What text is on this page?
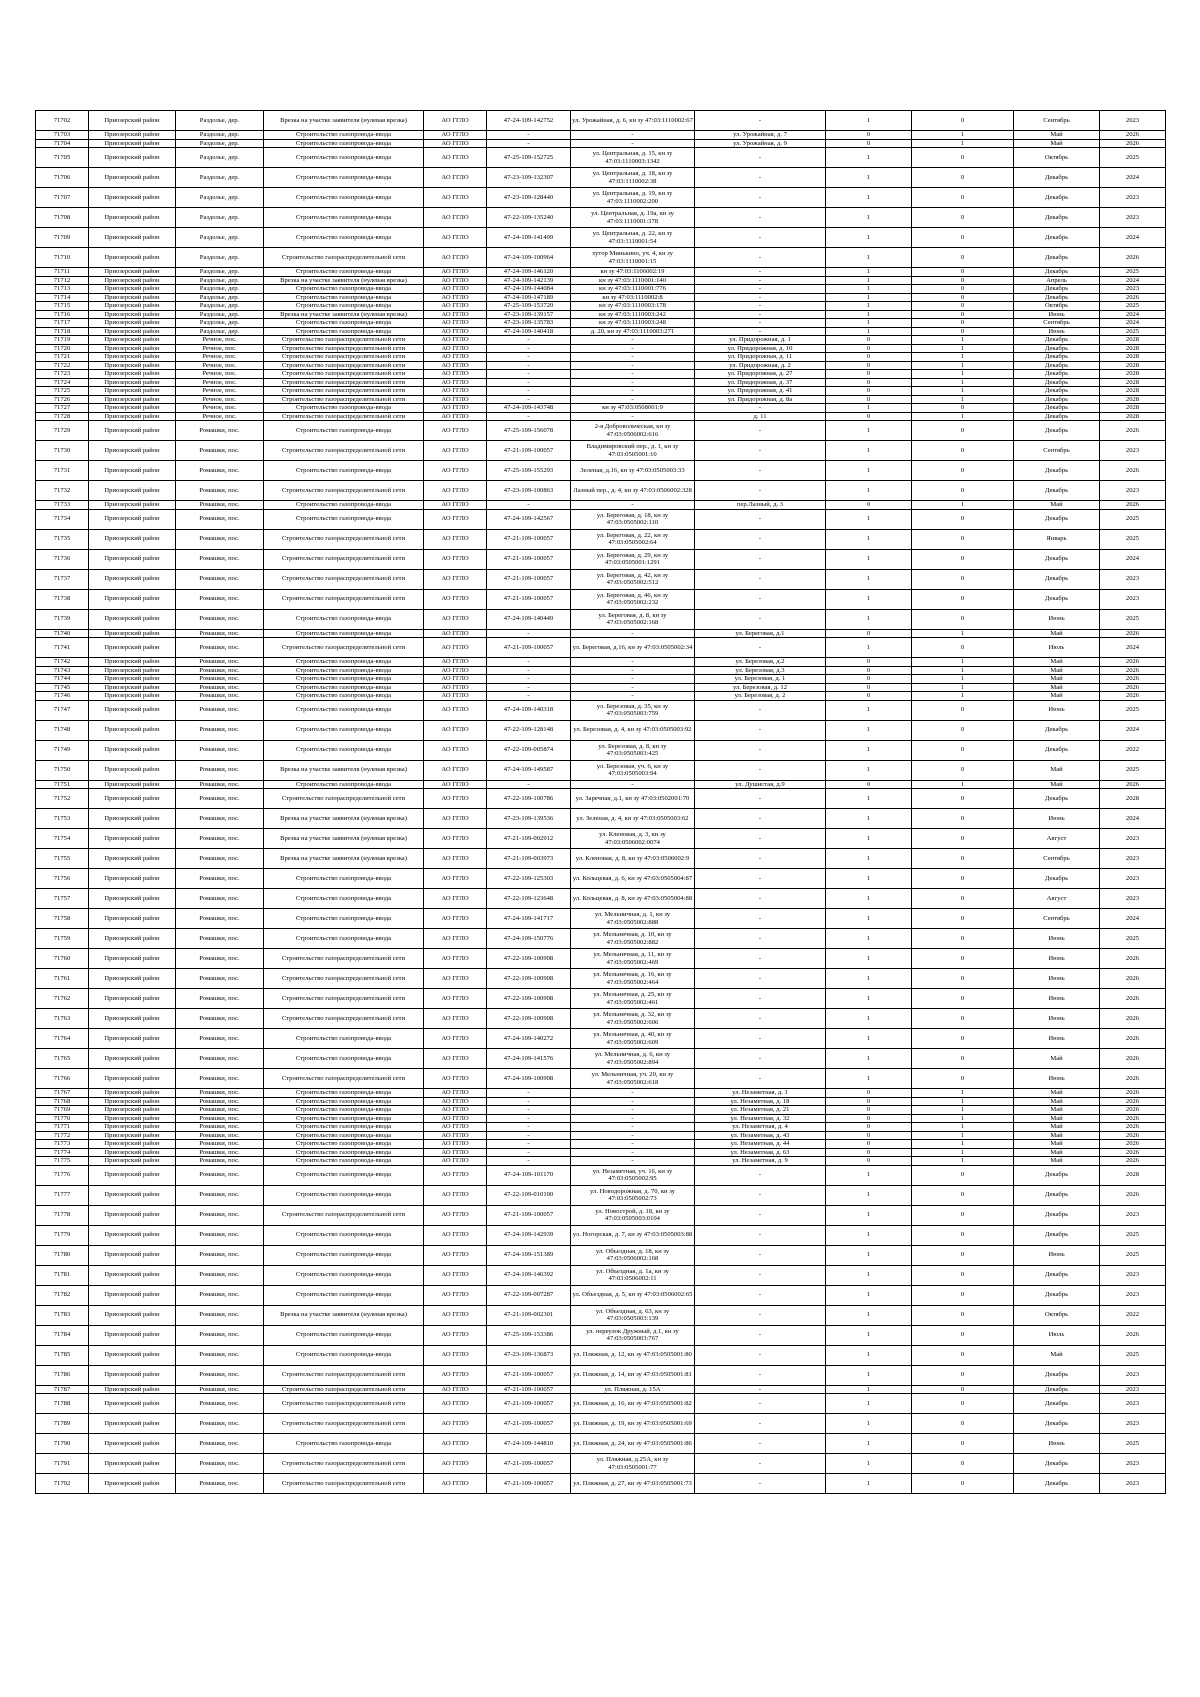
71702	Приозерский район	Раздолье, дер.	Врезка на участке заявителя (нулевая врезка)	АО ГГЛО	47-24-109-142752	ул. Урожайная, д. 6, кн зу 47:03:1110002:67	-	1	0	Сентябрь	2023
71703	Приозерский район	Раздолье, дер.	Строительство газопровода-ввода	АО ГГЛО	-	-	ул. Урожайная, д. 7	0	1	Май	2026
71704	Приозерский район	Раздолье, дер.	Строительство газопровода-ввода	АО ГГЛО	-	-	ул. Урожайная, д. 9	0	1	Май	2026
71705	Приозерский район	Раздолье, дер.	Строительство газопровода-ввода	АО ГГЛО	47-25-109-152725	ул. Центральная, д. 15, кн зу 47:03:1110003:1342	-	1	0	Октябрь	2025
71706	Приозерский район	Раздолье, дер.	Строительство газопровода-ввода	АО ГГЛО	47-23-109-132307	ул. Центральная, д. 18, кн зу 47:03:1110002:38	-	1	0	Декабрь	2024
71707	Приозерский район	Раздолье, дер.	Строительство газопровода-ввода	АО ГГЛО	47-23-109-128440	ул. Центральная, д. 19, кн зу 47:03:1110002:200	-	1	0	Декабрь	2023
71708	Приозерский район	Раздолье, дер.	Строительство газопровода-ввода	АО ГГЛО	47-22-109-135240	ул. Центральная, д. 19а, кн зу 47:03:1110001:378	-	1	0	Декабрь	2023
71709	Приозерский район	Раздолье, дер.	Строительство газопровода-ввода	АО ГГЛО	47-24-109-141499	ул. Центральная, д. 22, кн зу 47:03:1110001:54	-	1	0	Декабрь	2024
71710	Приозерский район	Раздолье, дер.	Строительство газораспределительной сети	АО ГГЛО	47-24-109-100964	хутор Минькино, уч. 4, кн зу 47:03:1110001:15	-	1	0	Декабрь	2026
71711	Приозерский район	Раздолье, дер.	Строительство газопровода-ввода	АО ГГЛО	47-24-109-146120	кн зу 47:03:1106002:19	-	1	0	Декабрь	2025
71712	Приозерский район	Раздолье, дер.	Врезка на участке заявителя (нулевая врезка)	АО ГГЛО	47-24-109-142139	кн зу 47:03:1110001:140	-	1	0	Апрель	2024
71713	Приозерский район	Раздолье, дер.	Строительство газопровода-ввода	АО ГГЛО	47-24-109-144084	кн зу 47:03:1110001:776	-	1	0	Декабрь	2023
71714	Приозерский район	Раздолье, дер.	Строительство газопровода-ввода	АО ГГЛО	47-24-109-147189	кн зу 47:03:1110002:8	-	1	0	Декабрь	2026
71715	Приозерский район	Раздолье, дер.	Строительство газопровода-ввода	АО ГГЛО	47-25-109-153720	кн зу 47:03:1110003:178	-	1	0	Октябрь	2025
71716	Приозерский район	Раздолье, дер.	Врезка на участке заявителя (нулевая врезка)	АО ГГЛО	47-23-109-139157	кн зу 47:03:1110003:242	-	1	0	Июнь	2024
71717	Приозерский район	Раздолье, дер.	Строительство газопровода-ввода	АО ГГЛО	47-23-109-135783	кн зу 47:03:1110003:248	-	1	0	Сентябрь	2024
71718	Приозерский район	Раздолье, дер.	Строительство газопровода-ввода	АО ГГЛО	47-24-109-140418	д. 20, кн зу 47:03:1110003:271	-	1	0	Июнь	2025
71719	Приозерский район	Речное, пос.	Строительство газораспределительной сети	АО ГГЛО	-	-	ул. Придорожная, д. 1	0	1	Декабрь	2028
71720	Приозерский район	Речное, пос.	Строительство газораспределительной сети	АО ГГЛО	-	-	ул. Придорожная, д. 10	0	1	Декабрь	2028
71721	Приозерский район	Речное, пос.	Строительство газораспределительной сети	АО ГГЛО	-	-	ул. Придорожная, д. 11	0	1	Декабрь	2028
71722	Приозерский район	Речное, пос.	Строительство газораспределительной сети	АО ГГЛО	-	-	ул. Придорожная, д. 2	0	1	Декабрь	2028
71723	Приозерский район	Речное, пос.	Строительство газораспределительной сети	АО ГГЛО	-	-	ул. Придорожная, д. 27	0	1	Декабрь	2028
71724	Приозерский район	Речное, пос.	Строительство газораспределительной сети	АО ГГЛО	-	-	ул. Придорожная, д. 37	0	1	Декабрь	2028
71725	Приозерский район	Речное, пос.	Строительство газораспределительной сети	АО ГГЛО	-	-	ул. Придорожная, д. 41	0	1	Декабрь	2028
71726	Приозерский район	Речное, пос.	Строительство газораспределительной сети	АО ГГЛО	-	-	ул. Придорожная, д. 8а	0	1	Декабрь	2028
71727	Приозерский район	Речное, пос.	Строительство газопровода-ввода	АО ГГЛО	47-24-109-143748	кн зу 47:03:0508001:9	-	1	0	Декабрь	2028
71728	Приозерский район	Речное, пос.	Строительство газораспределительной сети	АО ГГЛО	-	-	д. 11	0	1	Декабрь	2028
71729	Приозерский район	Ромашки, пос.	Строительство газопровода-ввода	АО ГГЛО	47-25-109-156078	2-я Добровольческая, кн зу 47:03:0506002:616	-	1	0	Декабрь	2026
71730	Приозерский район	Ромашки, пос.	Строительство газораспределительной сети	АО ГГЛО	47-21-109-100057	Владимировский пер., д. 1, кн зу 47:03:0505001:10	-	1	0	Сентябрь	2023
71731	Приозерский район	Ромашки, пос.	Строительство газопровода-ввода	АО ГГЛО	47-25-109-155293	Зеленая, д.16, кн зу 47:03:0505003:33	-	1	0	Декабрь	2026
71732	Приозерский район	Ромашки, пос.	Строительство газораспределительной сети	АО ГГЛО	47-23-109-100863	Лазный пер., д. 4, кн зу 47:03:0506002:328	-	1	0	Декабрь	2023
71733	Приозерский район	Ромашки, пос.	Строительство газопровода-ввода	АО ГГЛО	-	-	пер.Лазный, д. 3	0	1	Май	2026
71734	Приозерский район	Ромашки, пос.	Строительство газопровода-ввода	АО ГГЛО	47-24-109-142567	ул. Береговая, д. 18, кн зу 47:03:0505002:110	-	1	0	Декабрь	2025
71735	Приозерский район	Ромашки, пос.	Строительство газораспределительной сети	АО ГГЛО	47-21-109-100057	ул. Береговая, д. 22, кн зу 47:03:0505002:64	-	1	0	Январь	2025
71736	Приозерский район	Ромашки, пос.	Строительство газораспределительной сети	АО ГГЛО	47-21-109-100057	ул. Береговая, д. 29, кн зу 47:03:0505001:1291	-	1	0	Декабрь	2024
71737	Приозерский район	Ромашки, пос.	Строительство газораспределительной сети	АО ГГЛО	47-21-109-100057	ул. Береговая, д. 42, кн зу 47:03:0505002:512	-	1	0	Декабрь	2023
71738	Приозерский район	Ромашки, пос.	Строительство газораспределительной сети	АО ГГЛО	47-21-109-100057	ул. Береговая, д. 46, кн зу 47:03:0505002:232	-	1	0	Декабрь	2023
71739	Приозерский район	Ромашки, пос.	Строительство газопровода-ввода	АО ГГЛО	47-24-109-140449	ул. Береговая, д. 8, кн зу 47:03:0505002:168	-	1	0	Июнь	2025
71740	Приозерский район	Ромашки, пос.	Строительство газопровода-ввода	АО ГГЛО	-	-	ул. Береговая, д.1	0	1	Май	2026
71741	Приозерский район	Ромашки, пос.	Строительство газораспределительной сети	АО ГГЛО	47-21-109-100057	ул. Береговая, д.16, кн зу 47:03:0505002:34	-	1	0	Июль	2024
71742	Приозерский район	Ромашки, пос.	Строительство газопровода-ввода	АО ГГЛО	-	-	ул. Березовая, д.2	0	1	Май	2026
71743	Приозерский район	Ромашки, пос.	Строительство газопровода-ввода	АО ГГЛО	-	-	ул. Березовая, д.3	0	1	Май	2026
71744	Приозерский район	Ромашки, пос.	Строительство газопровода-ввода	АО ГГЛО	-	-	ул. Березовая, д. 1	0	1	Май	2026
71745	Приозерский район	Ромашки, пос.	Строительство газопровода-ввода	АО ГГЛО	-	-	ул. Березовая, д. 12	0	1	Май	2026
71746	Приозерский район	Ромашки, пос.	Строительство газопровода-ввода	АО ГГЛО	-	-	ул. Березовая, д. 2	0	1	Май	2026
71747	Приозерский район	Ромашки, пос.	Строительство газопровода-ввода	АО ГГЛО	47-24-109-140318	ул. Березовая, д. 35, кн зу 47:03:0505003:759	-	1	0	Июнь	2025
71748	Приозерский район	Ромашки, пос.	Строительство газопровода-ввода	АО ГГЛО	47-22-109-128148	ул. Березовая, д. 4, кн зу 47:03:0505003:92	-	1	0	Декабрь	2024
71749	Приозерский район	Ромашки, пос.	Строительство газопровода-ввода	АО ГГЛО	47-22-109-005874	ул. Березовая, д. 8, кн зу 47:03:0505003:425	-	1	0	Декабрь	2022
71750	Приозерский район	Ромашки, пос.	Врезка на участке заявителя (нулевая врезка)	АО ГГЛО	47-24-109-149587	ул. Березовая, уч. 6, кн зу 47:03:0505003:94	-	1	0	Май	2025
71751	Приозерский район	Ромашки, пос.	Строительство газопровода-ввода	АО ГГЛО	-	-	ул. Душистая, д.9	0	1	Май	2026
71752	Приозерский район	Ромашки, пос.	Строительство газораспределительной сети	АО ГГЛО	47-22-109-100786	ул. Заречная, д.1, кн зу 47:03:0502001:70	-	1	0	Декабрь	2028
71753	Приозерский район	Ромашки, пос.	Врезка на участке заявителя (нулевая врезка)	АО ГГЛО	47-23-109-139536	ул. Зеленая, д. 4, кн зу 47:03:0505003:62	-	1	0	Июнь	2024
71754	Приозерский район	Ромашки, пос.	Врезка на участке заявителя (нулевая врезка)	АО ГГЛО	47-21-109-002912	ул. Кленовая, д. 3, кн зу 47:03:0506002:0074	-	1	0	Август	2023
71755	Приозерский район	Ромашки, пос.	Врезка на участке заявителя (нулевая врезка)	АО ГГЛО	47-21-109-003973	ул. Кленовая, д. 8, кн зу 47:03:0506002:9	-	1	0	Сентябрь	2023
71756	Приозерский район	Ромашки, пос.	Строительство газопровода-ввода	АО ГГЛО	47-22-109-125303	ул. Кольцевая, д. 6, кн зу 47:03:0505004:87	-	1	0	Декабрь	2023
71757	Приозерский район	Ромашки, пос.	Строительство газопровода-ввода	АО ГГЛО	47-22-109-123648	ул. Кольцевая, д. 8, кн зу 47:03:0505004:88	-	1	0	Август	2023
71758	Приозерский район	Ромашки, пос.	Строительство газопровода-ввода	АО ГГЛО	47-24-109-141717	ул. Мельничная, д. 1, кн зу 47:03:0505002:888	-	1	0	Сентябрь	2024
71759	Приозерский район	Ромашки, пос.	Строительство газопровода-ввода	АО ГГЛО	47-24-109-150776	ул. Мельничная, д. 10, кн зу 47:03:0505002:882	-	1	0	Июнь	2025
71760	Приозерский район	Ромашки, пос.	Строительство газораспределительной сети	АО ГГЛО	47-22-109-100908	ул. Мельничная, д. 11, кн зу 47:03:0505002:469	-	1	0	Июнь	2026
71761	Приозерский район	Ромашки, пос.	Строительство газораспределительной сети	АО ГГЛО	47-22-109-100908	ул. Мельничная, д. 16, кн зу 47:03:0505002:464	-	1	0	Июнь	2026
71762	Приозерский район	Ромашки, пос.	Строительство газораспределительной сети	АО ГГЛО	47-22-109-100908	ул. Мельничная, д. 25, кн зу 47:03:0505002:461	-	1	0	Июнь	2026
71763	Приозерский район	Ромашки, пос.	Строительство газораспределительной сети	АО ГГЛО	47-22-109-100908	ул. Мельничная, д. 32, кн зу 47:03:0505002:606	-	1	0	Июнь	2026
71764	Приозерский район	Ромашки, пос.	Строительство газопровода-ввода	АО ГГЛО	47-24-109-140272	ул. Мельничная, д. 40, кн зу 47:03:0505002:609	-	1	0	Июнь	2026
71765	Приозерский район	Ромашки, пос.	Строительство газопровода-ввода	АО ГГЛО	47-24-109-141576	ул. Мельничная, д. 6, кн зу 47:03:0505002:894	-	1	0	Май	2026
71766	Приозерский район	Ромашки, пос.	Строительство газораспределительной сети	АО ГГЛО	47-24-109-100908	ул. Мельничная, уч. 20, кн зу 47:03:0505002:618	-	1	0	Июнь	2026
71767	Приозерский район	Ромашки, пос.	Строительство газопровода-ввода	АО ГГЛО	-	-	ул. Незаметная, д. 1	0	1	Май	2026
71768	Приозерский район	Ромашки, пос.	Строительство газопровода-ввода	АО ГГЛО	-	-	ул. Незаметная, д. 18	0	1	Май	2026
71769	Приозерский район	Ромашки, пос.	Строительство газопровода-ввода	АО ГГЛО	-	-	ул. Незаметная, д. 21	0	1	Май	2026
71770	Приозерский район	Ромашки, пос.	Строительство газопровода-ввода	АО ГГЛО	-	-	ул. Незаметная, д. 32	0	1	Май	2026
71771	Приозерский район	Ромашки, пос.	Строительство газопровода-ввода	АО ГГЛО	-	-	ул. Незаметная, д. 4	0	1	Май	2026
71772	Приозерский район	Ромашки, пос.	Строительство газопровода-ввода	АО ГГЛО	-	-	ул. Незаметная, д. 43	0	1	Май	2026
71773	Приозерский район	Ромашки, пос.	Строительство газопровода-ввода	АО ГГЛО	-	-	ул. Незаметная, д. 44	0	1	Май	2026
71774	Приозерский район	Ромашки, пос.	Строительство газопровода-ввода	АО ГГЛО	-	-	ул. Незаметная, д. 63	0	1	Май	2026
71775	Приозерский район	Ромашки, пос.	Строительство газопровода-ввода	АО ГГЛО	-	-	ул. Незаметная, д. 9	0	1	Май	2026
71776	Приозерский район	Ромашки, пос.	Строительство газопровода-ввода	АО ГГЛО	47-24-109-101170	ул. Незаметная, уч. 16, кн зу 47:03:0505002:95	-	1	0	Декабрь	2028
71777	Приозерский район	Ромашки, пос.	Строительство газопровода-ввода	АО ГГЛО	47-22-109-010100	ул. Новодорожная, д. 70, кн зу 47:03:0505002:73	-	1	0	Декабрь	2026
71778	Приозерский район	Ромашки, пос.	Строительство газораспределительной сети	АО ГГЛО	47-21-109-100057	ул. Новострой, д. 18, кн зу 47:03:0505003:0104	-	1	0	Декабрь	2023
71779	Приозерский район	Ромашки, пос.	Строительство газопровода-ввода	АО ГГЛО	47-24-109-142939	ул. Ногорская, д. 7, кн зу 47:03:0505003:88	-	1	0	Декабрь	2025
71780	Приозерский район	Ромашки, пос.	Строительство газопровода-ввода	АО ГГЛО	47-24-109-151389	ул. Объездная, д. 18, кн зу 47:03:0506002:168	-	1	0	Июнь	2025
71781	Приозерский район	Ромашки, пос.	Строительство газопровода-ввода	АО ГГЛО	47-24-109-146392	ул. Объездная, д. 1а, кн зу 47:03:0506002:11	-	1	0	Декабрь	2023
71782	Приозерский район	Ромашки, пос.	Строительство газопровода-ввода	АО ГГЛО	47-22-109-007287	ул. Объездная, д. 5, кн зу 47:03:0506002:65	-	1	0	Декабрь	2023
71783	Приозерский район	Ромашки, пос.	Врезка на участке заявителя (нулевая врезка)	АО ГГЛО	47-21-109-002301	ул. Объездная, д. 63, кн зу 47:03:0505003:139	-	1	0	Октябрь	2022
71784	Приозерский район	Ромашки, пос.	Строительство газопровода-ввода	АО ГГЛО	47-25-109-153386	ул. переулок Дружный, д.1, кн зу 47:03:0505003:767	-	1	0	Июль	2026
71785	Приозерский район	Ромашки, пос.	Строительство газопровода-ввода	АО ГГЛО	47-23-109-136873	ул. Пляжная, д. 12, кн зу 47:03:0505001:80	-	1	0	Май	2025
71786	Приозерский район	Ромашки, пос.	Строительство газораспределительной сети	АО ГГЛО	47-21-109-100057	ул. Пляжная, д. 14, кн зу 47:03:0505001:81	-	1	0	Декабрь	2023
71787	Приозерский район	Ромашки, пос.	Строительство газораспределительной сети	АО ГГЛО	47-21-109-100057	ул. Пляжная, д. 15А	-	1	0	Декабрь	2023
71788	Приозерский район	Ромашки, пос.	Строительство газораспределительной сети	АО ГГЛО	47-21-109-100057	ул. Пляжная, д. 16, кн зу 47:03:0505001:82	-	1	0	Декабрь	2023
71789	Приозерский район	Ромашки, пос.	Строительство газораспределительной сети	АО ГГЛО	47-21-109-100057	ул. Пляжная, д. 19, кн зу 47:03:0505001:69	-	1	0	Декабрь	2023
71790	Приозерский район	Ромашки, пос.	Строительство газопровода-ввода	АО ГГЛО	47-24-109-144810	ул. Пляжная, д. 24, кн зу 47:03:0505001:86	-	1	0	Июнь	2025
71791	Приозерский район	Ромашки, пос.	Строительство газораспределительной сети	АО ГГЛО	47-21-109-100057	ул. Пляжная, д.25А, кн зу 47:03:0505001:77	-	1	0	Декабрь	2023
71792	Приозерский район	Ромашки, пос.	Строительство газораспределительной сети	АО ГГЛО	47-21-109-100057	ул. Пляжная, д. 27, кн зу 47:03:0505001:73	-	1	0	Декабрь	2023
